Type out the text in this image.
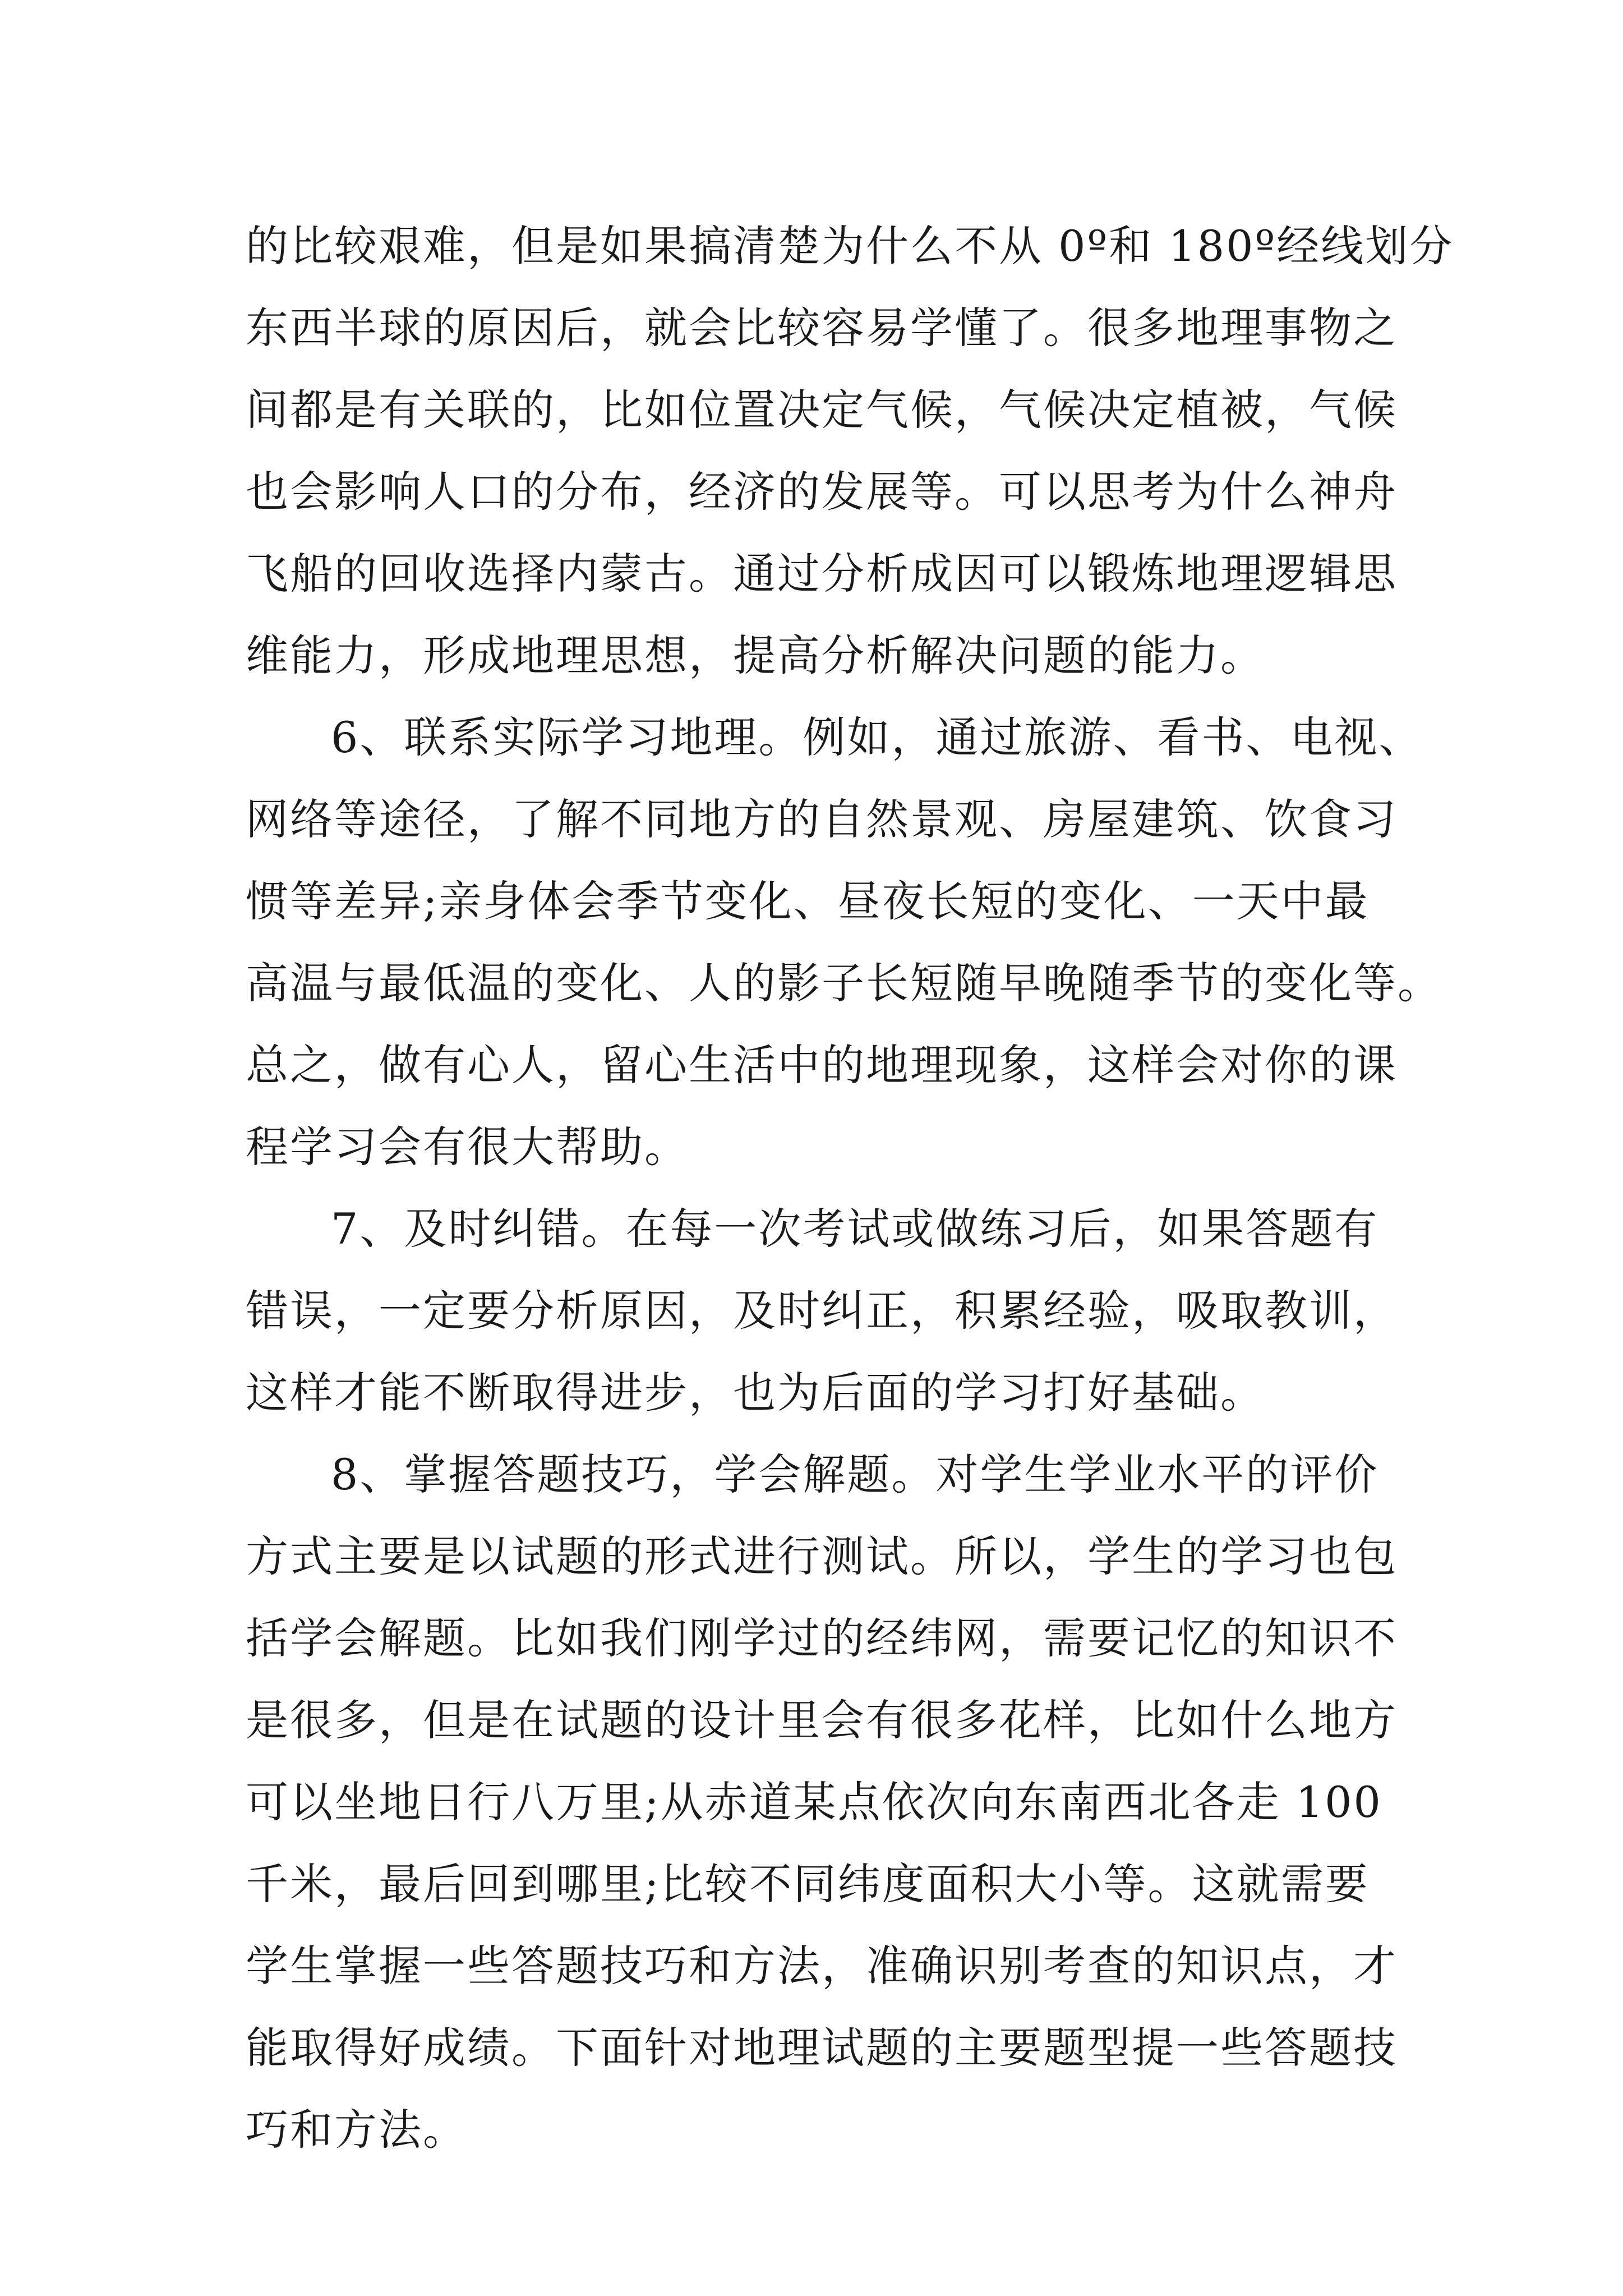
的比较艰难，但是如果搞清楚为什么不从 0º和 180º经线划分
东西半球的原因后，就会比较容易学懂了。很多地理事物之
间都是有关联的，比如位置决定气候，气候决定植被，气候
也会影响人口的分布，经济的发展等。可以思考为什么神舟
飞船的回收选择内蒙古。通过分析成因可以锻炼地理逻辑思
维能力，形成地理思想，提高分析解决问题的能力。
6、联系实际学习地理。例如，通过旅游、看书、电视、
网络等途径，了解不同地方的自然景观、房屋建筑、饮食习
惯等差异;亲身体会季节变化、昼夜长短的变化、一天中最
高温与最低温的变化、人的影子长短随早晚随季节的变化等。
总之，做有心人，留心生活中的地理现象，这样会对你的课
程学习会有很大帮助。
7、及时纠错。在每一次考试或做练习后，如果答题有
错误，一定要分析原因，及时纠正，积累经验，吸取教训，
这样才能不断取得进步，也为后面的学习打好基础。
8、掌握答题技巧，学会解题。对学生学业水平的评价
方式主要是以试题的形式进行测试。所以，学生的学习也包
括学会解题。比如我们刚学过的经纬网，需要记忆的知识不
是很多，但是在试题的设计里会有很多花样，比如什么地方
可以坐地日行八万里;从赤道某点依次向东南西北各走 100
千米，最后回到哪里;比较不同纬度面积大小等。这就需要
学生掌握一些答题技巧和方法，准确识别考查的知识点，才
能取得好成绩。下面针对地理试题的主要题型提一些答题技
巧和方法。
